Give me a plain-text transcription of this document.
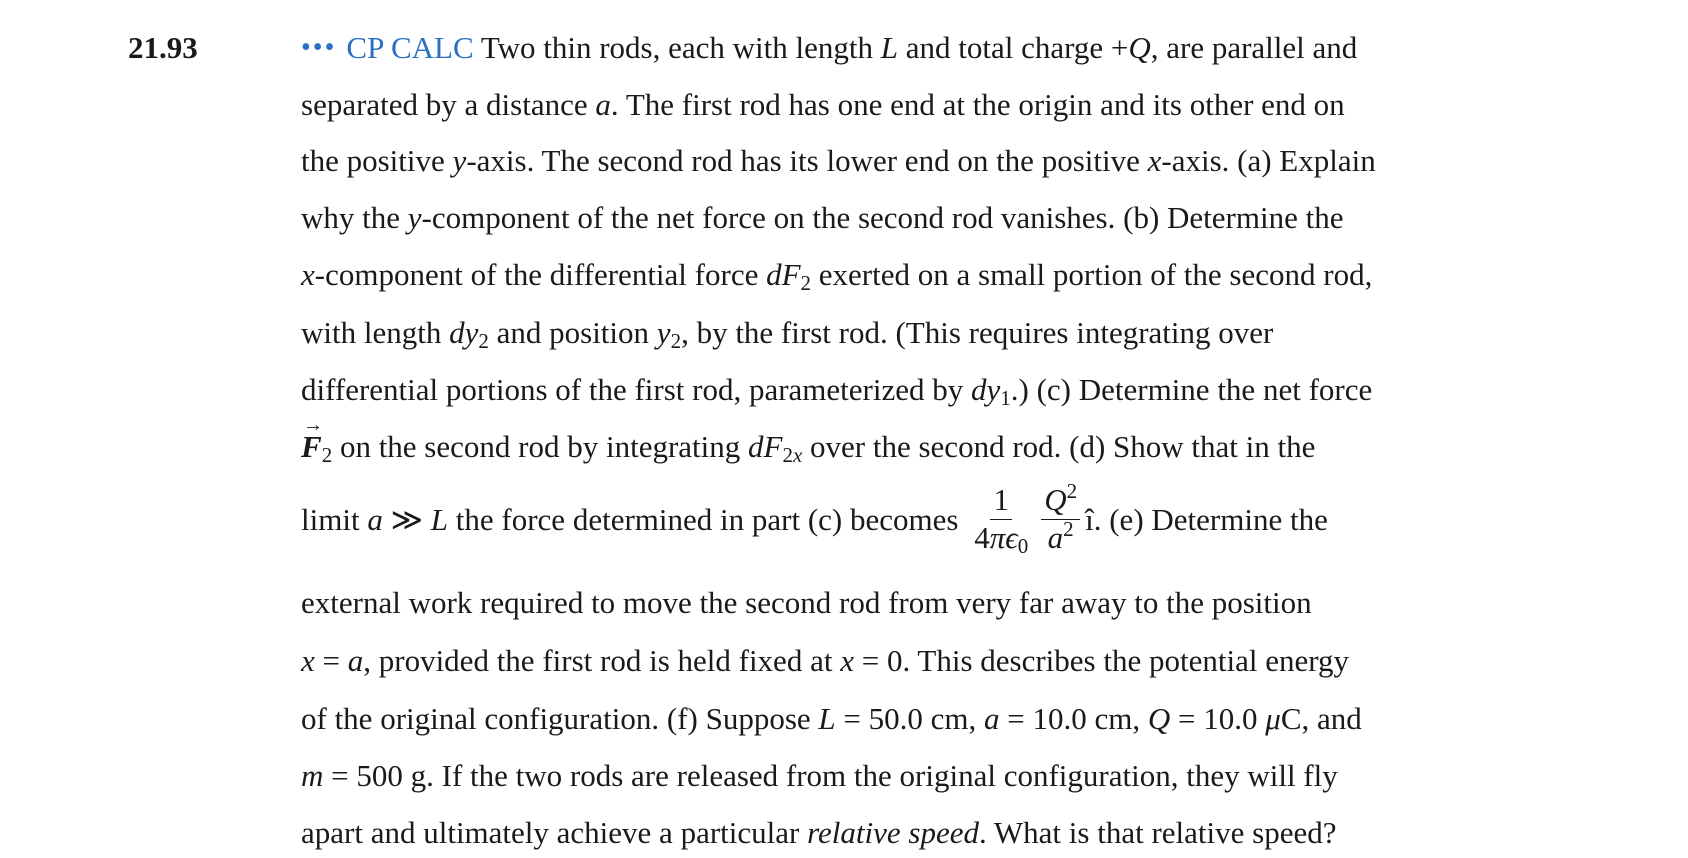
21.93	••• CP CALC Two thin rods, each with length L and total charge +Q, are parallel and
separated by a distance a. The first rod has one end at the origin and its other end on
the positive y-axis. The second rod has its lower end on the positive x-axis. (a) Explain
why the y-component of the net force on the second rod vanishes. (b) Determine the
x-component of the differential force $dF_2$ exerted on a small portion of the second rod,
with length $dy_2$ and position $y_2$, by the first rod. (This requires integrating over
differential portions of the first rod, parameterized by $dy_1$.) (c) Determine the net force
→ $F_2$ on the second rod by integrating $dF_{2x}$ over the second rod. (d) Show that in the
limit a ≫ L the force determined in part (c) becomes $\frac{1}{4\pi\epsilon_0} \frac{Q^2}{a^2}$ î. (e) Determine the
external work required to move the second rod from very far away to the position
x = a, provided the first rod is held fixed at x = 0. This describes the potential energy
of the original configuration. (f) Suppose L = 50.0 cm, a = 10.0 cm, Q = 10.0 μC, and
m = 500 g. If the two rods are released from the original configuration, they will fly
apart and ultimately achieve a particular relative speed. What is that relative speed?
